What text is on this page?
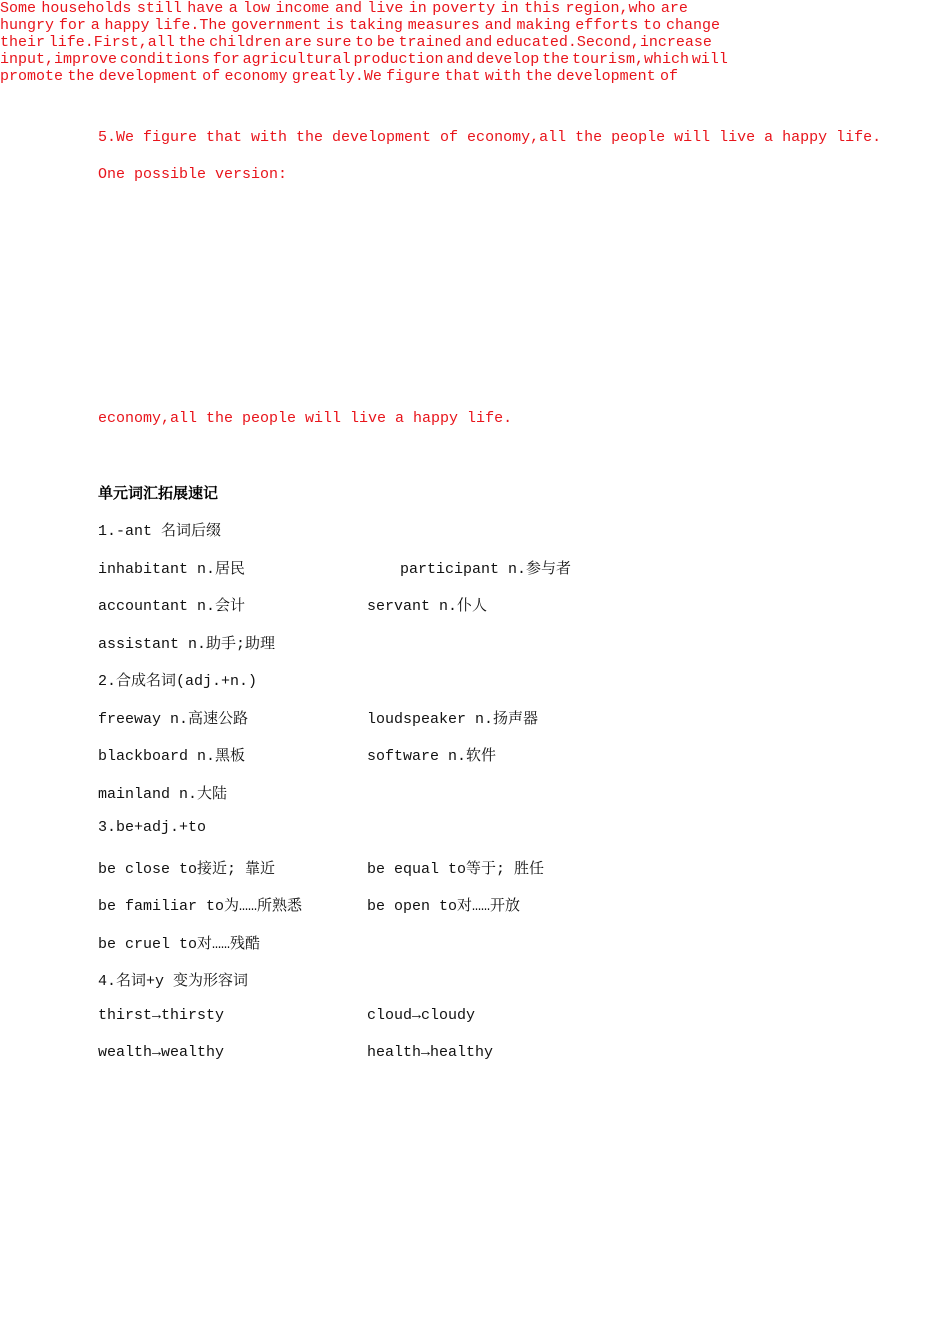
5.We figure that with the development of economy,all the people will live a happy life.
One possible version:
Some households still have a low income and live in poverty in this region,who are
hungry for a happy life.The government is taking measures and making efforts to change
their life.First,all the children are sure to be trained and educated.Second,increase
input,improve conditions for agricultural production and develop the tourism,which will
promote the development of economy greatly.We figure that with the development of
economy,all the people will live a happy life.
单元词汇拓展速记
1.-ant 名词后缀
inhabitant n.居民	participant n.参与者
accountant n.会计	servant n.仆人
assistant n.助手;助理
2.合成名词(adj.+n.)
freeway n.高速公路	loudspeaker n.扬声器
blackboard n.黑板	software n.软件
mainland n.大陆
3.be+adj.+to
be close to接近; 靠近	be equal to等于; 胜任
be familiar to为……所熟悉	be open to对……开放
be cruel to对……残酷
4.名词+y 变为形容词
thirst→thirsty	cloud→cloudy
wealth→wealthy	health→healthy
